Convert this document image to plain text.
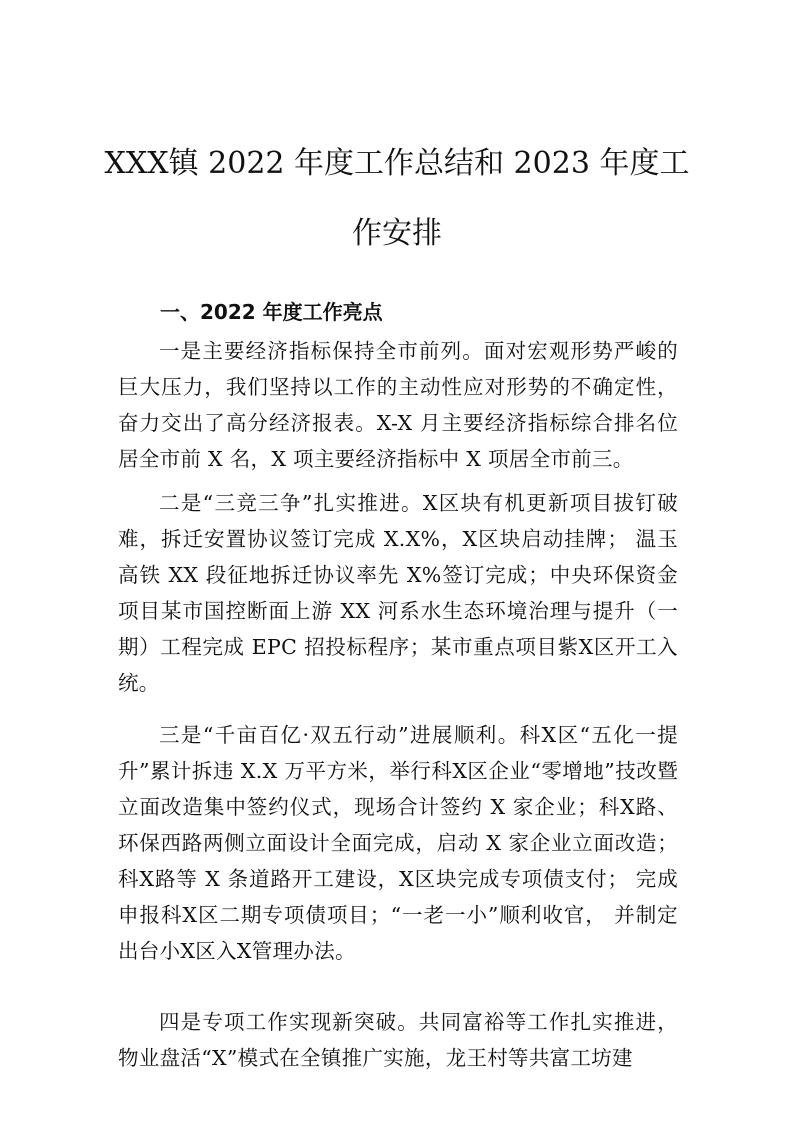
XXX镇 2022 年度工作总结和 2023 年度工
作安排
一、2022 年度工作亮点
一是主要经济指标保持全市前列。面对宏观形势严峻的巨大压力，我们坚持以工作的主动性应对形势的不确定性， 奋力交出了高分经济报表。X-X 月主要经济指标综合排名位居全市前 X 名，X 项主要经济指标中 X 项居全市前三。
二是“三竞三争”扎实推进。X区块有机更新项目拔钉破难，拆迁安置协议签订完成 X.X%，X区块启动挂牌； 温玉高铁 XX 段征地拆迁协议率先 X%签订完成；中央环保资金项目某市国控断面上游 XX 河系水生态环境治理与提升（一期）工程完成 EPC 招投标程序；某市重点项目紫X区开工入统。
三是“千亩百亿·双五行动”进展顺利。科X区“五化一提升”累计拆违 X.X 万平方米，举行科X区企业“零增地”技改暨立面改造集中签约仪式，现场合计签约 X 家企业；科X路、环保西路两侧立面设计全面完成，启动 X 家企业立面改造；科X路等 X 条道路开工建设，X区块完成专项债支付； 完成申报科X区二期专项债项目；“一老一小”顺利收官， 并制定出台小X区入X管理办法。
四是专项工作实现新突破。共同富裕等工作扎实推进，物业盘活“X”模式在全镇推广实施，龙王村等共富工坊建
